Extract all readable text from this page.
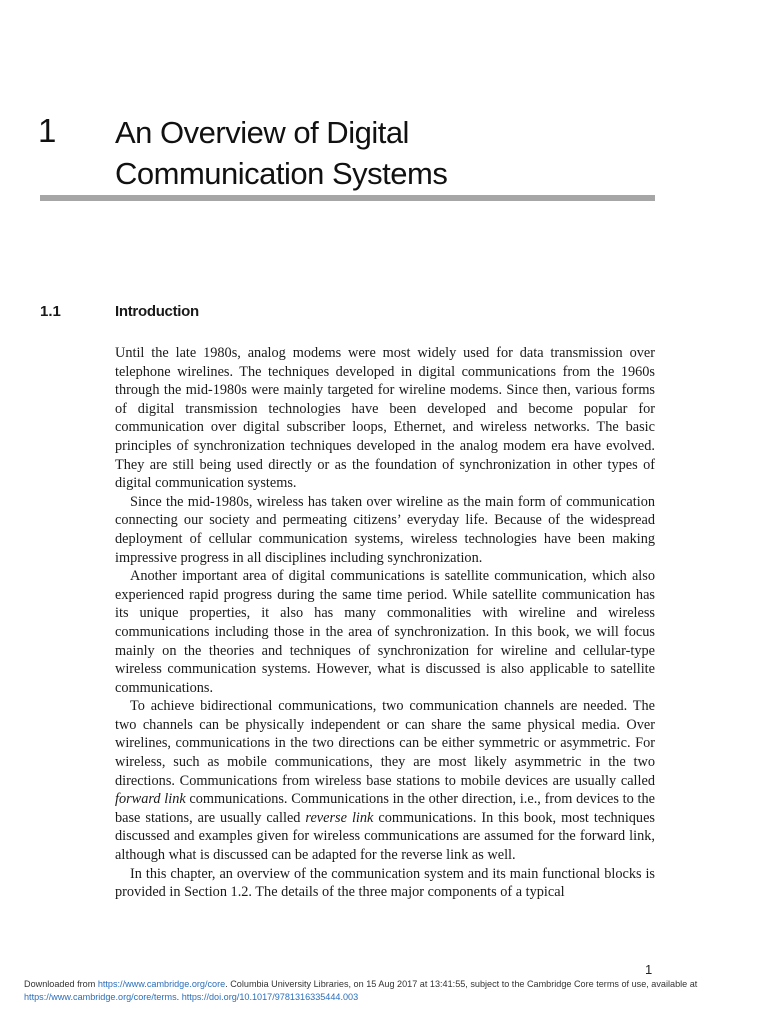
1 An Overview of Digital
Communication Systems
1.1	Introduction

Until the late 1980s, analog modems were most widely used for data transmission over telephone wirelines. The techniques developed in digital communications from the 1960s through the mid-1980s were mainly targeted for wireline modems. Since then, various forms of digital transmission technologies have been developed and become popular for communication over digital subscriber loops, Ethernet, and wireless networks. The basic principles of synchronization techniques developed in the analog modem era have evolved. They are still being used directly or as the foundation of synchronization in other types of digital communication systems.

Since the mid-1980s, wireless has taken over wireline as the main form of communication connecting our society and permeating citizens’ everyday life. Because of the widespread deployment of cellular communication systems, wireless technologies have been making impressive progress in all disciplines including synchronization.

Another important area of digital communications is satellite communication, which also experienced rapid progress during the same time period. While satellite communication has its unique properties, it also has many commonalities with wireline and wireless communications including those in the area of synchronization. In this book, we will focus mainly on the theories and techniques of synchronization for wireline and cellular-type wireless communication systems. However, what is discussed is also applicable to satellite communications.

To achieve bidirectional communications, two communication channels are needed. The two channels can be physically independent or can share the same physical media. Over wirelines, communications in the two directions can be either symmetric or asymmetric. For wireless, such as mobile communications, they are most likely asymmetric in the two directions. Communications from wireless base stations to mobile devices are usually called forward link communications. Communications in the other direction, i.e., from devices to the base stations, are usually called reverse link communications. In this book, most techniques discussed and examples given for wireless communications are assumed for the forward link, although what is discussed can be adapted for the reverse link as well.

In this chapter, an overview of the communication system and its main functional blocks is provided in Section 1.2. The details of the three major components of a typical

1
Downloaded from https://www.cambridge.org/core. Columbia University Libraries, on 15 Aug 2017 at 13:41:55, subject to the Cambridge Core terms of use, available at https://www.cambridge.org/core/terms. https://doi.org/10.1017/9781316335444.003
